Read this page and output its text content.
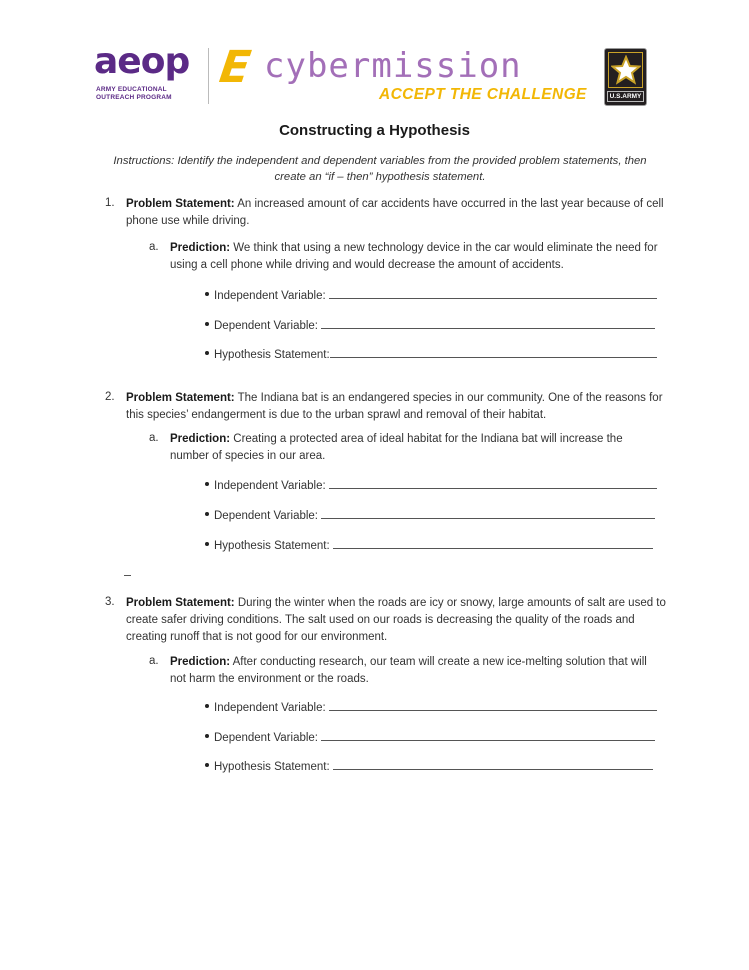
aeop
ARMY EDUCATIONAL
OUTREACH PROGRAM
E cybermission
ACCEPT THE CHALLENGE	U.S.ARMY
Constructing a Hypothesis
Instructions: Identify the independent and dependent variables from the provided problem statements, then create an “if – then” hypothesis statement.
1. Problem Statement: An increased amount of car accidents have occurred in the last year because of cell phone use while driving.
a. Prediction: We think that using a new technology device in the car would eliminate the need for using a cell phone while driving and would decrease the amount of accidents.
Independent Variable:
Dependent Variable:
Hypothesis Statement:
2. Problem Statement: The Indiana bat is an endangered species in our community. One of the reasons for this species’ endangerment is due to the urban sprawl and removal of their habitat.
a. Prediction: Creating a protected area of ideal habitat for the Indiana bat will increase the number of species in our area.
Independent Variable:
Dependent Variable:
Hypothesis Statement:
3. Problem Statement: During the winter when the roads are icy or snowy, large amounts of salt are used to create safer driving conditions. The salt used on our roads is decreasing the quality of the roads and creating runoff that is not good for our environment.
a. Prediction: After conducting research, our team will create a new ice-melting solution that will not harm the environment or the roads.
Independent Variable:
Dependent Variable:
Hypothesis Statement:
